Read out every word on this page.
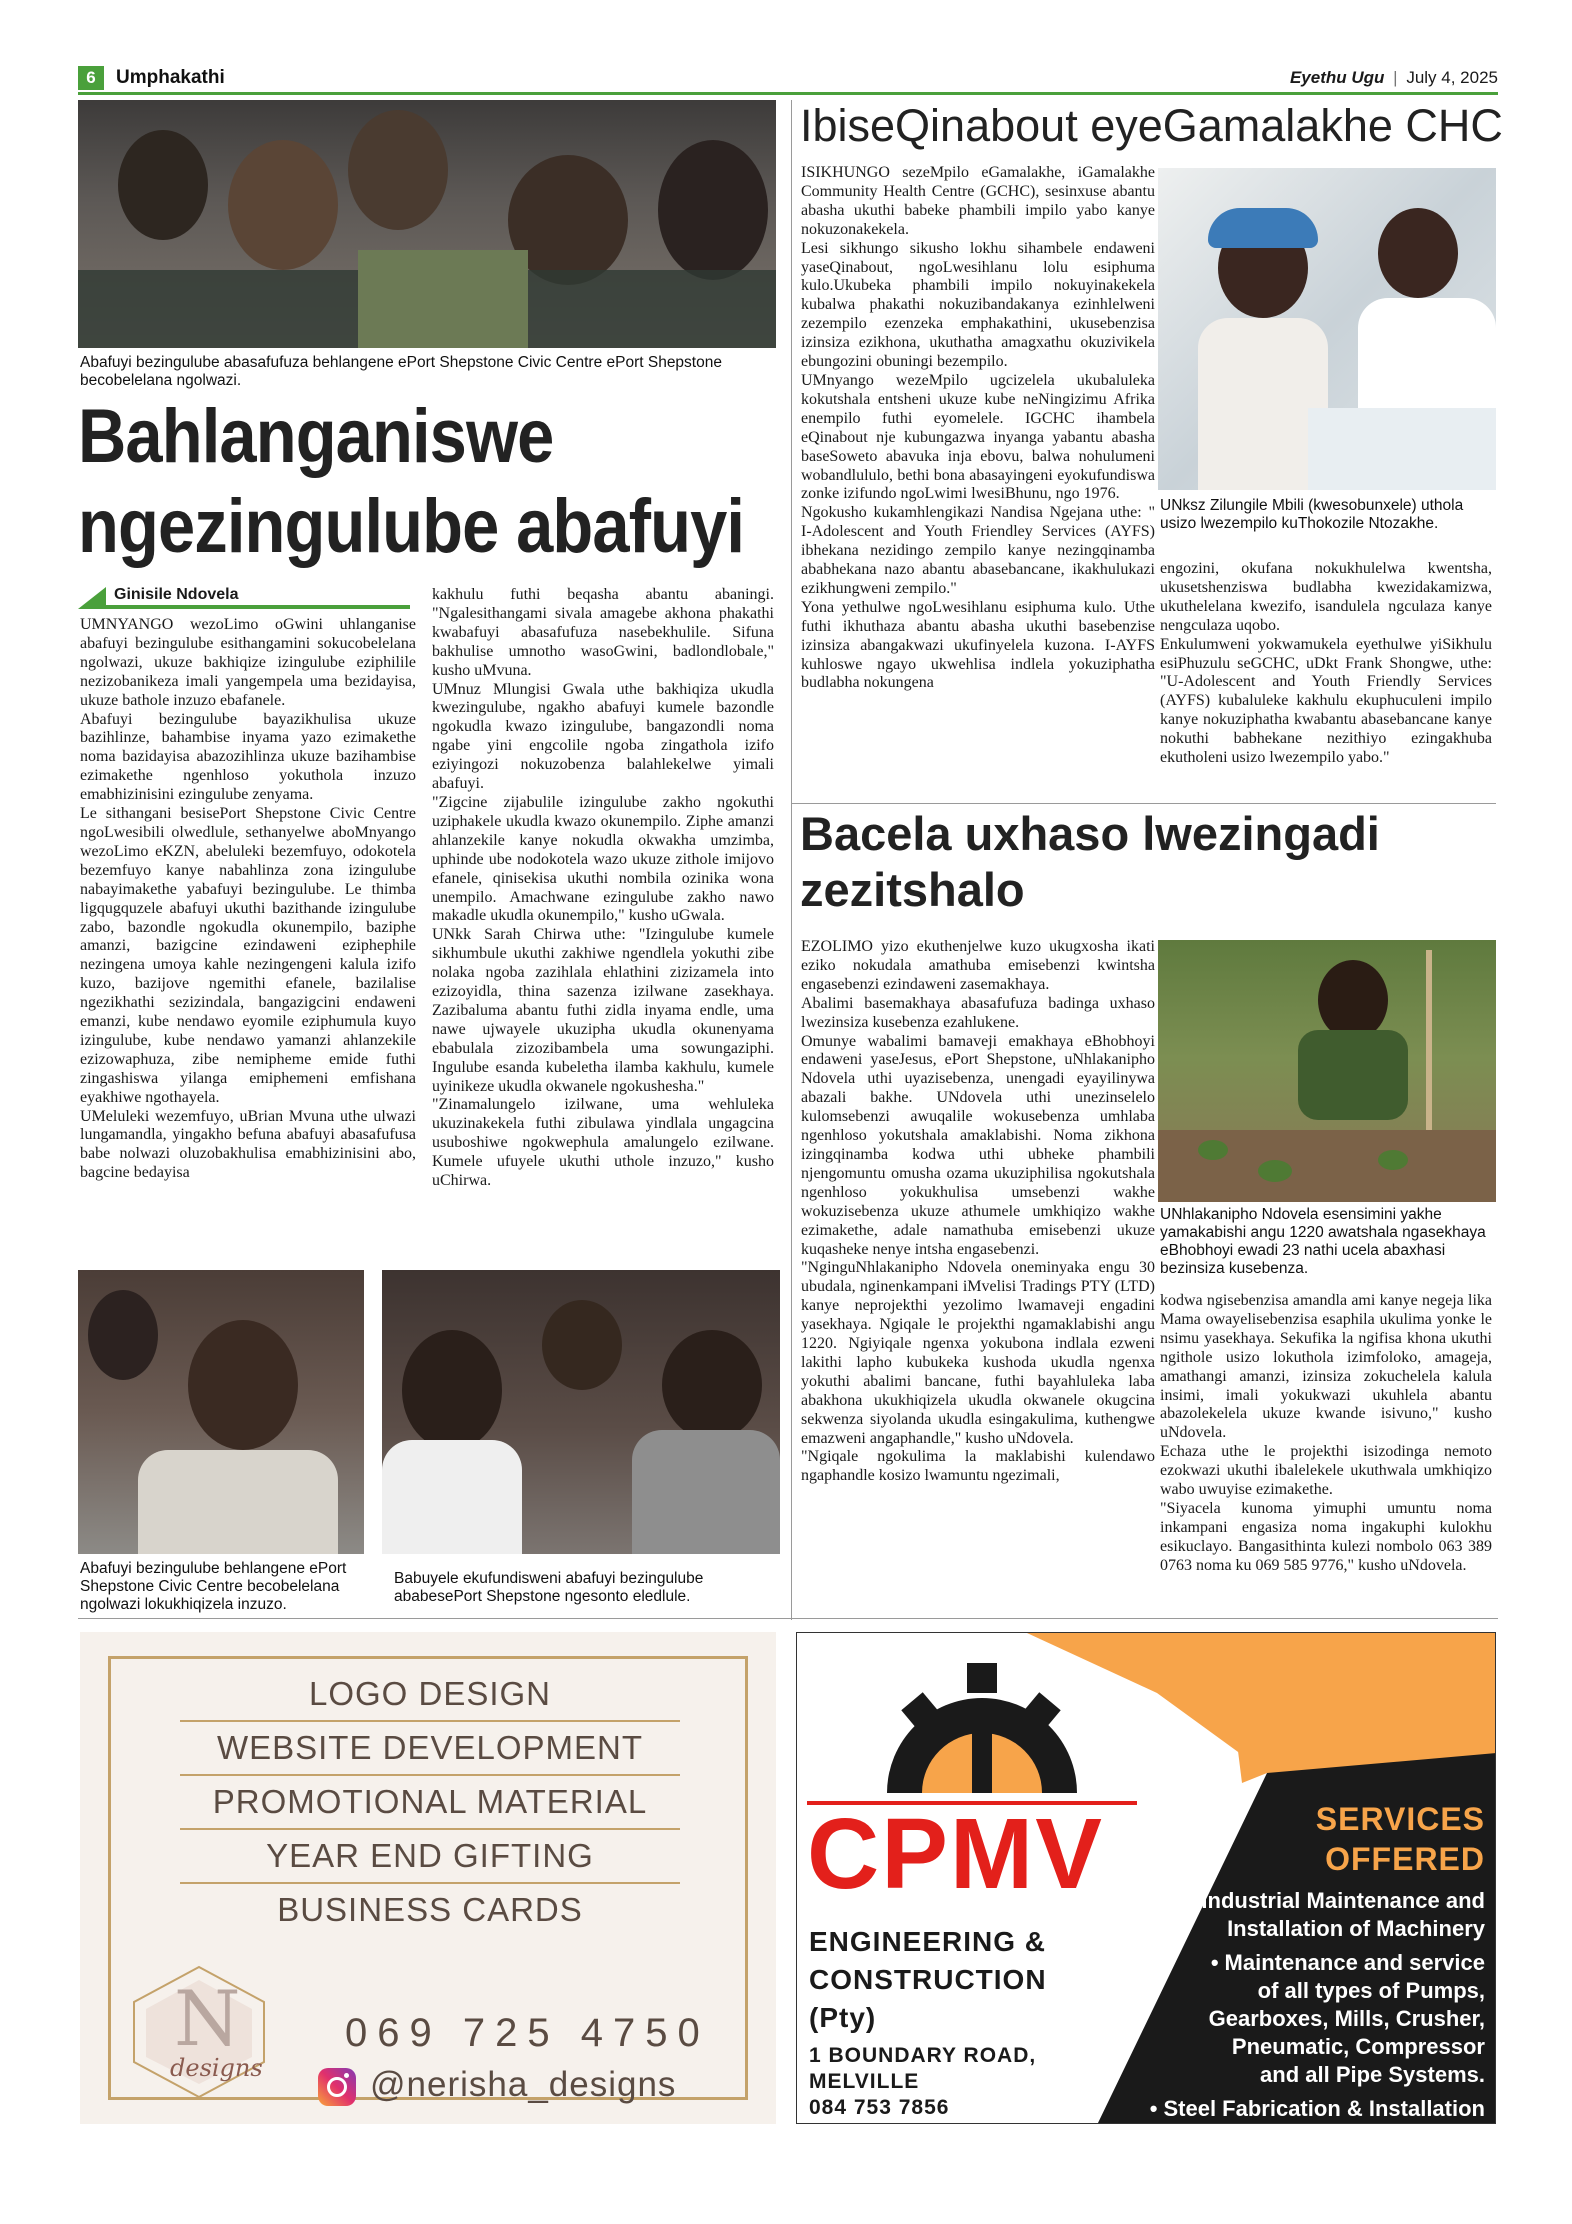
6	Umphakathi	Eyethu Ugu | July 4, 2025
Abafuyi bezingulube abasafufuza behlangene ePort Shepstone Civic Centre ePort Shepstone becobelelana ngolwazi.
Bahlanganiswe
ngezingulube abafuyi
Ginisile Ndovela

UMNYANGO wezoLimo oGwini uhlanganise abafuyi bezingulube esithangamini sokucobelelana ngolwazi, ukuze bakhiqize izingulube eziphilile nezizobanikeza imali yangempela uma bezidayisa, ukuze bathole inzuzo ebafanele.

Abafuyi bezingulube bayazikhulisa ukuze bazihlinze, bahambise inyama yazo ezimakethe noma bazidayisa abazozihlinza ukuze bazihambise ezimakethe ngenhloso yokuthola inzuzo emabhizinisini ezingulube zenyama.

Le sithangani besisePort Shepstone Civic Centre ngoLwesibili olwedlule, sethanyelwe aboMnyango wezoLimo eKZN, abeluleki bezemfuyo, odokotela bezemfuyo kanye nabahlinza zona izingulube nabayimakethe yabafuyi bezingulube. Le thimba ligqugquzele abafuyi ukuthi bazithande izingulube zabo, bazondle ngokudla okunempilo, baziphe amanzi, bazigcine ezindaweni eziphephile nezingena umoya kahle nezingengeni kalula izifo kuzo, bazijove ngemithi efanele, bazilalise ngezikhathi sezizindala, bangazigcini endaweni emanzi, kube nendawo eyomile eziphumula kuyo izingulube, kube nendawo yamanzi ahlanzekile ezizowaphuza, zibe nemipheme emide futhi zingashiswa yilanga emiphemeni emfishana eyakhiwe ngothayela.

UMeluleki wezemfuyo, uBrian Mvuna uthe ulwazi lungamandla, yingakho befuna abafuyi abasafufusa babe nolwazi oluzobakhulisa emabhizinisini abo, bagcine bedayisa

kakhulu futhi beqasha abantu abaningi. "Ngalesithangami sivala amagebe akhona phakathi kwabafuyi abasafufuza nasebekhulile. Sifuna bakhulise umnotho wasoGwini, badlondlobale," kusho uMvuna.

UMnuz Mlungisi Gwala uthe bakhiqiza ukudla kwezingulube, ngakho abafuyi kumele bazondle ngokudla kwazo izingulube, bangazondli noma ngabe yini engcolile ngoba zingathola izifo eziyingozi nokuzobenza balahlekelwe yimali abafuyi.

"Zigcine zijabulile izingulube zakho ngokuthi uziphakele ukudla kwazo okunempilo. Ziphe amanzi ahlanzekile kanye nokudla okwakha umzimba, uphinde ube nodokotela wazo ukuze zithole imijovo efanele, qinisekisa ukuthi nombila ozinika wona unempilo. Amachwane ezingulube zakho nawo makadle ukudla okunempilo," kusho uGwala.

UNkk Sarah Chirwa uthe: "Izingulube kumele sikhumbule ukuthi zakhiwe ngendlela yokuthi zibe nolaka ngoba zazihlala ehlathini zizizamela into ezizoyidla, thina sazenza izilwane zasekhaya. Zazibaluma abantu futhi zidla inyama endle, uma nawe ujwayele ukuzipha ukudla okunenyama ebabulala zizozibambela uma sowungaziphi. Ingulube esanda kubeletha ilamba kakhulu, kumele uyinikeze ukudla okwanele ngokushesha."

"Zinamalungelo izilwane, uma wehluleka ukuzinakekela futhi zibulawa yindlala ungagcina usuboshiwe ngokwephula amalungelo ezilwane. Kumele ufuyele ukuthi uthole inzuzo," kusho uChirwa.

Abafuyi bezingulube behlangene ePort Shepstone Civic Centre becobelelana ngolwazi lokukhiqizela inzuzo.
Babuyele ekufundisweni abafuyi bezingulube ababesePort Shepstone ngesonto eledlule.
IbiseQinabout eyeGamalakhe CHC

ISIKHUNGO sezeMpilo eGamalakhe, iGamalakhe Community Health Centre (GCHC), sesinxuse abantu abasha ukuthi babeke phambili impilo yabo kanye nokuzonakekela.

Lesi sikhungo sikusho lokhu sihambele endaweni yaseQinabout, ngoLwesihlanu lolu esiphuma kulo.Ukubeka phambili impilo nokuyinakekela kubalwa phakathi nokuzibandakanya ezinhlelweni zezempilo ezenzeka emphakathini, ukusebenzisa izinsiza ezikhona, ukuthatha amagxathu okuzivikela ebungozini obuningi bezempilo.

UMnyango wezeMpilo ugcizelela ukubaluleka kokutshala entsheni ukuze kube neNingizimu Afrika enempilo futhi eyomelele. IGCHC ihambela eQinabout nje kubungazwa inyanga yabantu abasha baseSoweto abavuka inja ebovu, balwa nohulumeni wobandlululo, bethi bona abasayingeni eyokufundiswa zonke izifundo ngoLwimi lwesiBhunu, ngo 1976.

Ngokusho kukamhlengikazi Nandisa Ngejana uthe: " I-Adolescent and Youth Friendley Services (AYFS) ibhekana nezidingo zempilo kanye nezingqinamba ababhekana nazo abantu abasebancane, ikakhulukazi ezikhungweni zempilo."

Yona yethulwe ngoLwesihlanu esiphuma kulo. Uthe futhi ikhuthaza abantu abasha ukuthi basebenzise izinsiza abangakwazi ukufinyelela kuzona. I-AYFS kuhloswe ngayo ukwehlisa indlela yokuziphatha budlabha nokungena

UNksz Zilungile Mbili (kwesobunxele) uthola usizo lwezempilo kuThokozile Ntozakhe.

engozini, okufana nokukhulelwa kwentsha, ukusetshenziswa budlabha kwezidakamizwa, ukuthelelana kwezifo, isandulela ngculaza kanye nengculaza uqobo.

Enkulumweni yokwamukela eyethulwe yiSikhulu esiPhuzulu seGCHC, uDkt Frank Shongwe, uthe: "U-Adolescent and Youth Friendly Services (AYFS) kubaluleke kakhulu ekuphuculeni impilo kanye nokuziphatha kwabantu abasebancane kanye nokuthi babhekane nezithiyo ezingakhuba ekutholeni usizo lwezempilo yabo."

Bacela uxhaso lwezingadi
zezitshalo

EZOLIMO yizo ekuthenjelwe kuzo ukugxosha ikati eziko nokudala amathuba emisebenzi kwintsha engasebenzi ezindaweni zasemakhaya.

Abalimi basemakhaya abasafufuza badinga uxhaso lwezinsiza kusebenza ezahlukene.

Omunye wabalimi bamaveji emakhaya eBhobhoyi endaweni yaseJesus, ePort Shepstone, uNhlakanipho Ndovela uthi uyazisebenza, unengadi eyayilinywa abazali bakhe. UNdovela uthi unezinselelo kulomsebenzi awuqalile wokusebenza umhlaba ngenhloso yokutshala amaklabishi. Noma zikhona izingqinamba kodwa uthi ubheke phambili njengomuntu omusha ozama ukuziphilisa ngokutshala ngenhloso yokukhulisa umsebenzi wakhe wokuzisebenza ukuze athumele umkhiqizo wakhe ezimakethe, adale namathuba emisebenzi ukuze kuqasheke nenye intsha engasebenzi.

"NginguNhlakanipho Ndovela oneminyaka engu 30 ubudala, nginenkampani iMvelisi Tradings PTY (LTD) kanye neprojekthi yezolimo lwamaveji engadini yasekhaya. Ngiqale le projekthi ngamaklabishi angu 1220. Ngiyiqale ngenxa yokubona indlala ezweni lakithi lapho kubukeka kushoda ukudla ngenxa yokuthi abalimi bancane, futhi bayahluleka laba abakhona ukukhiqizela ukudla okwanele okugcina sekwenza siyolanda ukudla esingakulima, kuthengwe emazweni angaphandle," kusho uNdovela.

"Ngiqale ngokulima la maklabishi kulendawo ngaphandle kosizo lwamuntu ngezimali,

UNhlakanipho Ndovela esensimini yakhe yamakabishi angu 1220 awatshala ngasekhaya eBhobhoyi ewadi 23 nathi ucela abaxhasi bezinsiza kusebenza.

kodwa ngisebenzisa amandla ami kanye negeja lika Mama owayelisebenzisa esaphila ukulima yonke le nsimu yasekhaya. Sekufika la ngifisa khona ukuthi ngithole usizo lokuthola izimfoloko, amageja, amathangi amanzi, izinsiza zokuchelela kalula insimi, imali yokukwazi ukuhlela abantu abazolekelela ukuze kwande isivuno," kusho uNdovela.

Echaza uthe le projekthi isizodinga nemoto ezokwazi ukuthi ibalelekele ukuthwala umkhiqizo wabo uwuyise ezimakethe.

"Siyacela kunoma yimuphi umuntu noma inkampani engasiza noma ingakuphi kulokhu esikuclayo. Bangasithinta kulezi nombolo 063 389 0763 noma ku 069 585 9776," kusho uNdovela.

LOGO DESIGN
WEBSITE DEVELOPMENT
PROMOTIONAL MATERIAL
YEAR END GIFTING
BUSINESS CARDS
N
designs
069 725 4750
@nerisha_designs
CPMV
ENGINEERING & CONSTRUCTION (Pty)
1 BOUNDARY ROAD,
MELVILLE
084 753 7856
SERVICES
OFFERED
• Industrial Maintenance and
Installation of Machinery
• Maintenance and service
of all types of Pumps,
Gearboxes, Mills, Crusher,
Pneumatic, Compressor
and all Pipe Systems.
• Steel Fabrication & Installation
